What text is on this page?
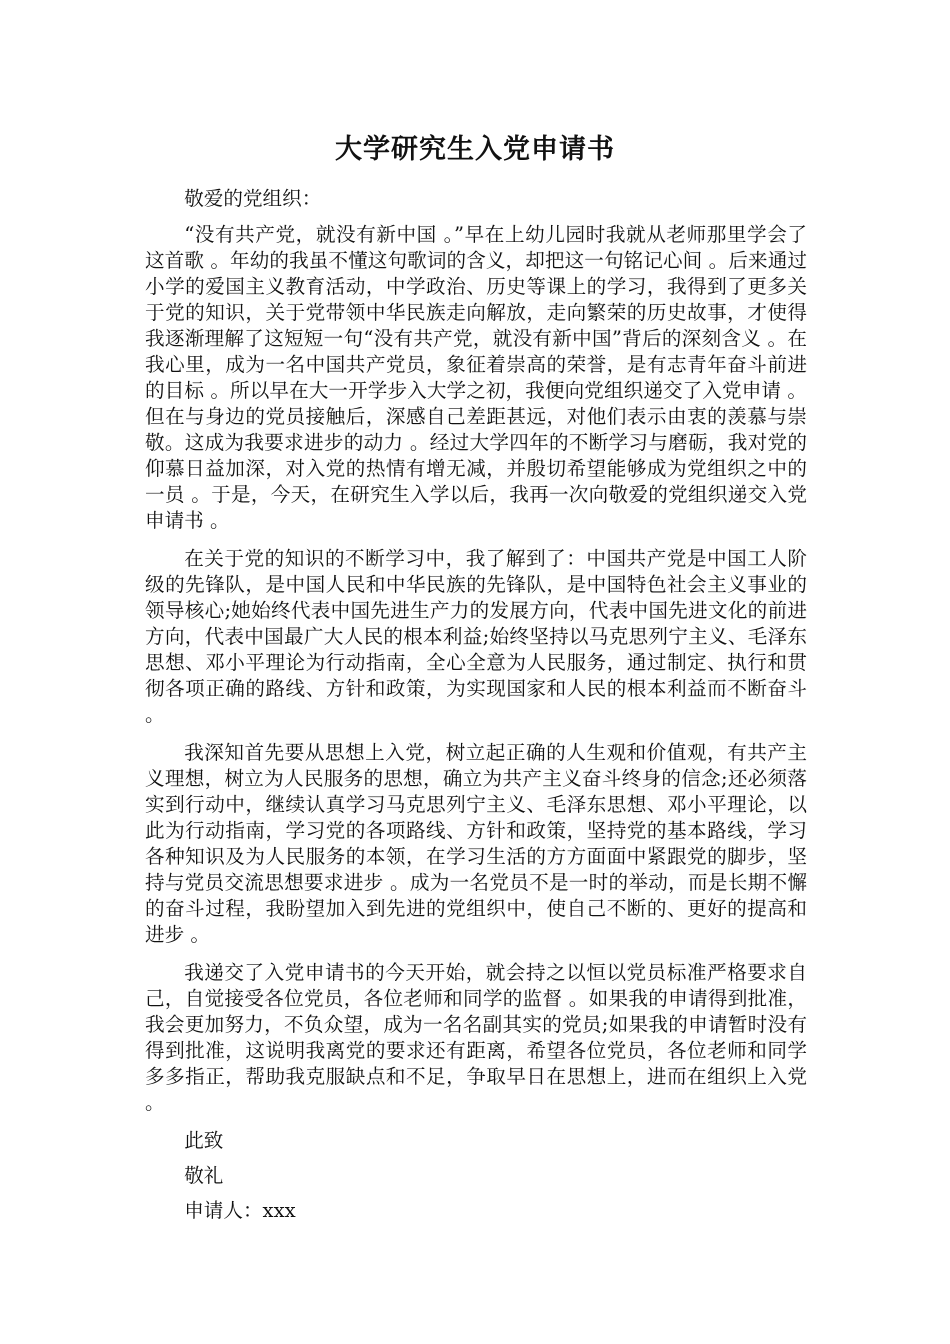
大学研究生入党申请书

敬爱的党组织：

“没有共产党，就没有新中国 。”早在上幼儿园时我就从老师那里学会了这首歌 。年幼的我虽不懂这句歌词的含义，却把这一句铭记心间 。后来通过小学的爱国主义教育活动，中学政治、历史等课上的学习，我得到了更多关于党的知识，关于党带领中华民族走向解放，走向繁荣的历史故事，才使得我逐渐理解了这短短一句“没有共产党，就没有新中国”背后的深刻含义 。在我心里，成为一名中国共产党员，象征着崇高的荣誉，是有志青年奋斗前进的目标 。所以早在大一开学步入大学之初，我便向党组织递交了入党申请 。但在与身边的党员接触后，深感自己差距甚远，对他们表示由衷的羡慕与崇敬。这成为我要求进步的动力 。经过大学四年的不断学习与磨砺，我对党的仰慕日益加深，对入党的热情有增无减，并殷切希望能够成为党组织之中的一员 。于是，今天，在研究生入学以后，我再一次向敬爱的党组织递交入党申请书 。

在关于党的知识的不断学习中，我了解到了：中国共产党是中国工人阶级的先锋队，是中国人民和中华民族的先锋队，是中国特色社会主义事业的领导核心;她始终代表中国先进生产力的发展方向，代表中国先进文化的前进方向，代表中国最广大人民的根本利益;始终坚持以马克思列宁主义、毛泽东思想、邓小平理论为行动指南，全心全意为人民服务，通过制定、执行和贯彻各项正确的路线、方针和政策，为实现国家和人民的根本利益而不断奋斗 。

我深知首先要从思想上入党，树立起正确的人生观和价值观，有共产主义理想，树立为人民服务的思想，确立为共产主义奋斗终身的信念;还必须落实到行动中，继续认真学习马克思列宁主义、毛泽东思想、邓小平理论，以此为行动指南，学习党的各项路线、方针和政策，坚持党的基本路线，学习各种知识及为人民服务的本领，在学习生活的方方面面中紧跟党的脚步，坚持与党员交流思想要求进步 。成为一名党员不是一时的举动，而是长期不懈的奋斗过程，我盼望加入到先进的党组织中，使自己不断的、更好的提高和进步 。

我递交了入党申请书的今天开始，就会持之以恒以党员标准严格要求自己，自觉接受各位党员，各位老师和同学的监督 。如果我的申请得到批准，我会更加努力，不负众望，成为一名名副其实的党员;如果我的申请暂时没有得到批准，这说明我离党的要求还有距离，希望各位党员，各位老师和同学多多指正，帮助我克服缺点和不足，争取早日在思想上，进而在组织上入党 。

此致

敬礼

申请人：xxx
